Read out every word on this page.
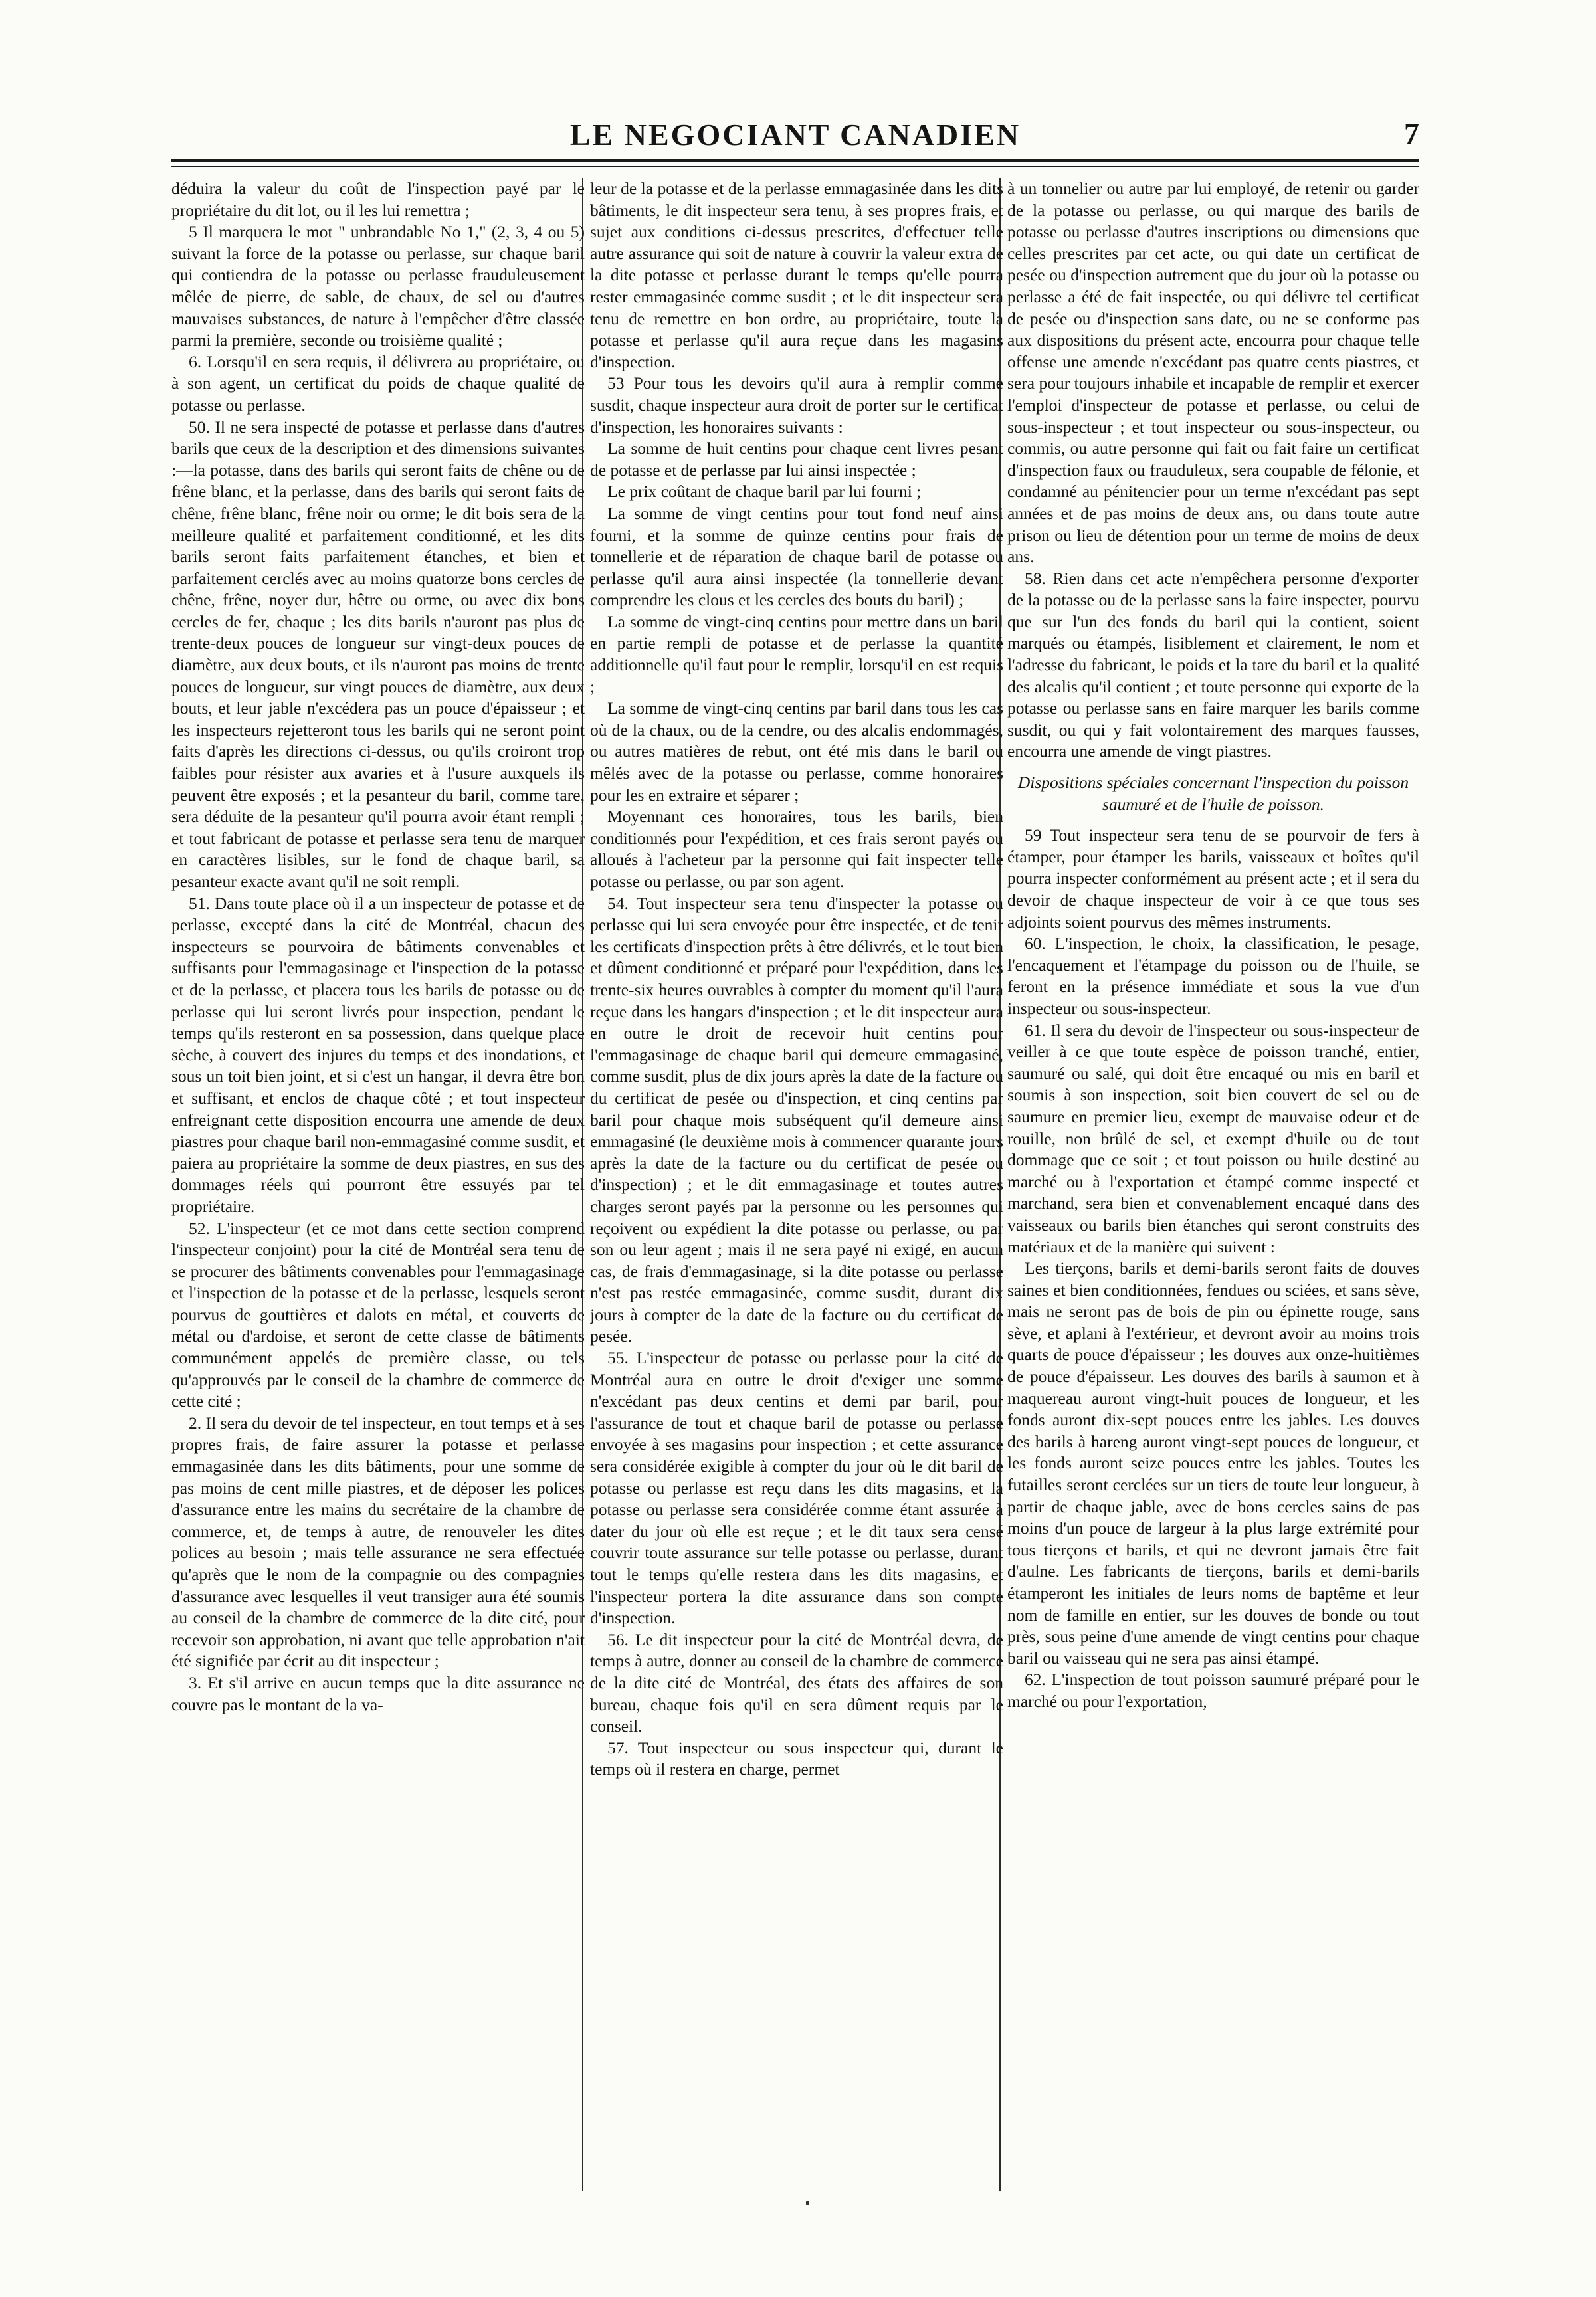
LE NEGOCIANT CANADIEN	7

déduira la valeur du coût de l'inspection payé par le propriétaire du dit lot, ou il les lui remettra ;

5 Il marquera le mot " unbrandable No 1," (2, 3, 4 ou 5) suivant la force de la potasse ou perlasse, sur chaque baril qui contiendra de la potasse ou perlasse frauduleusement mêlée de pierre, de sable, de chaux, de sel ou d'autres mauvaises substances, de nature à l'empêcher d'être classée parmi la première, seconde ou troisième qualité ;

6. Lorsqu'il en sera requis, il délivrera au propriétaire, ou à son agent, un certificat du poids de chaque qualité de potasse ou perlasse.

50. Il ne sera inspecté de potasse et perlasse dans d'autres barils que ceux de la description et des dimensions suivantes :—la potasse, dans des barils qui seront faits de chêne ou de frêne blanc, et la perlasse, dans des barils qui seront faits de chêne, frêne blanc, frêne noir ou orme; le dit bois sera de la meilleure qualité et parfaitement conditionné, et les dits barils seront faits parfaitement étanches, et bien et parfaitement cerclés avec au moins quatorze bons cercles de chêne, frêne, noyer dur, hêtre ou orme, ou avec dix bons cercles de fer, chaque ; les dits barils n'auront pas plus de trente-deux pouces de longueur sur vingt-deux pouces de diamètre, aux deux bouts, et ils n'auront pas moins de trente pouces de longueur, sur vingt pouces de diamètre, aux deux bouts, et leur jable n'excédera pas un pouce d'épaisseur ; et les inspecteurs rejetteront tous les barils qui ne seront point faits d'après les directions ci-dessus, ou qu'ils croiront trop faibles pour résister aux avaries et à l'usure auxquels ils peuvent être exposés ; et la pesanteur du baril, comme tare, sera déduite de la pesanteur qu'il pourra avoir étant rempli ; et tout fabricant de potasse et perlasse sera tenu de marquer en caractères lisibles, sur le fond de chaque baril, sa pesanteur exacte avant qu'il ne soit rempli.

51. Dans toute place où il a un inspecteur de potasse et de perlasse, excepté dans la cité de Montréal, chacun des inspecteurs se pourvoira de bâtiments convenables et suffisants pour l'emmagasinage et l'inspection de la potasse et de la perlasse, et placera tous les barils de potasse ou de perlasse qui lui seront livrés pour inspection, pendant le temps qu'ils resteront en sa possession, dans quelque place sèche, à couvert des injures du temps et des inondations, et sous un toit bien joint, et si c'est un hangar, il devra être bon et suffisant, et enclos de chaque côté ; et tout inspecteur enfreignant cette disposition encourra une amende de deux piastres pour chaque baril non-emmagasiné comme susdit, et paiera au propriétaire la somme de deux piastres, en sus des dommages réels qui pourront être essuyés par tel propriétaire.

52. L'inspecteur (et ce mot dans cette section comprend l'inspecteur conjoint) pour la cité de Montréal sera tenu de se procurer des bâtiments convenables pour l'emmagasinage et l'inspection de la potasse et de la perlasse, lesquels seront pourvus de gouttières et dalots en métal, et couverts de métal ou d'ardoise, et seront de cette classe de bâtiments communément appelés de première classe, ou tels qu'approuvés par le conseil de la chambre de commerce de cette cité ;

2. Il sera du devoir de tel inspecteur, en tout temps et à ses propres frais, de faire assurer la potasse et perlasse emmagasinée dans les dits bâtiments, pour une somme de pas moins de cent mille piastres, et de déposer les polices d'assurance entre les mains du secrétaire de la chambre de commerce, et, de temps à autre, de renouveler les dites polices au besoin ; mais telle assurance ne sera effectuée qu'après que le nom de la compagnie ou des compagnies d'assurance avec lesquelles il veut transiger aura été soumis au conseil de la chambre de commerce de la dite cité, pour recevoir son approbation, ni avant que telle approbation n'ait été signifiée par écrit au dit inspecteur ;

3. Et s'il arrive en aucun temps que la dite assurance ne couvre pas le montant de la va-

leur de la potasse et de la perlasse emmagasinée dans les dits bâtiments, le dit inspecteur sera tenu, à ses propres frais, et sujet aux conditions ci-dessus prescrites, d'effectuer telle autre assurance qui soit de nature à couvrir la valeur extra de la dite potasse et perlasse durant le temps qu'elle pourra rester emmagasinée comme susdit ; et le dit inspecteur sera tenu de remettre en bon ordre, au propriétaire, toute la potasse et perlasse qu'il aura reçue dans les magasins d'inspection.

53 Pour tous les devoirs qu'il aura à remplir comme susdit, chaque inspecteur aura droit de porter sur le certificat d'inspection, les honoraires suivants :

La somme de huit centins pour chaque cent livres pesant de potasse et de perlasse par lui ainsi inspectée ;

Le prix coûtant de chaque baril par lui fourni ;

La somme de vingt centins pour tout fond neuf ainsi fourni, et la somme de quinze centins pour frais de tonnellerie et de réparation de chaque baril de potasse ou perlasse qu'il aura ainsi inspectée (la tonnellerie devant comprendre les clous et les cercles des bouts du baril) ;

La somme de vingt-cinq centins pour mettre dans un baril en partie rempli de potasse et de perlasse la quantité additionnelle qu'il faut pour le remplir, lorsqu'il en est requis ;

La somme de vingt-cinq centins par baril dans tous les cas où de la chaux, ou de la cendre, ou des alcalis endommagés, ou autres matières de rebut, ont été mis dans le baril ou mêlés avec de la potasse ou perlasse, comme honoraires pour les en extraire et séparer ;

Moyennant ces honoraires, tous les barils, bien conditionnés pour l'expédition, et ces frais seront payés ou alloués à l'acheteur par la personne qui fait inspecter telle potasse ou perlasse, ou par son agent.

54. Tout inspecteur sera tenu d'inspecter la potasse ou perlasse qui lui sera envoyée pour être inspectée, et de tenir les certificats d'inspection prêts à être délivrés, et le tout bien et dûment conditionné et préparé pour l'expédition, dans les trente-six heures ouvrables à compter du moment qu'il l'aura reçue dans les hangars d'inspection ; et le dit inspecteur aura en outre le droit de recevoir huit centins pour l'emmagasinage de chaque baril qui demeure emmagasiné, comme susdit, plus de dix jours après la date de la facture ou du certificat de pesée ou d'inspection, et cinq centins par baril pour chaque mois subséquent qu'il demeure ainsi emmagasiné (le deuxième mois à commencer quarante jours après la date de la facture ou du certificat de pesée ou d'inspection) ; et le dit emmagasinage et toutes autres charges seront payés par la personne ou les personnes qui reçoivent ou expédient la dite potasse ou perlasse, ou par son ou leur agent ; mais il ne sera payé ni exigé, en aucun cas, de frais d'emmagasinage, si la dite potasse ou perlasse n'est pas restée emmagasinée, comme susdit, durant dix jours à compter de la date de la facture ou du certificat de pesée.

55. L'inspecteur de potasse ou perlasse pour la cité de Montréal aura en outre le droit d'exiger une somme n'excédant pas deux centins et demi par baril, pour l'assurance de tout et chaque baril de potasse ou perlasse envoyée à ses magasins pour inspection ; et cette assurance sera considérée exigible à compter du jour où le dit baril de potasse ou perlasse est reçu dans les dits magasins, et la potasse ou perlasse sera considérée comme étant assurée à dater du jour où elle est reçue ; et le dit taux sera censé couvrir toute assurance sur telle potasse ou perlasse, durant tout le temps qu'elle restera dans les dits magasins, et l'inspecteur portera la dite assurance dans son compte d'inspection.

56. Le dit inspecteur pour la cité de Montréal devra, de temps à autre, donner au conseil de la chambre de commerce de la dite cité de Montréal, des états des affaires de son bureau, chaque fois qu'il en sera dûment requis par le conseil.

57. Tout inspecteur ou sous inspecteur qui, durant le temps où il restera en charge, permet

à un tonnelier ou autre par lui employé, de retenir ou garder de la potasse ou perlasse, ou qui marque des barils de potasse ou perlasse d'autres inscriptions ou dimensions que celles prescrites par cet acte, ou qui date un certificat de pesée ou d'inspection autrement que du jour où la potasse ou perlasse a été de fait inspectée, ou qui délivre tel certificat de pesée ou d'inspection sans date, ou ne se conforme pas aux dispositions du présent acte, encourra pour chaque telle offense une amende n'excédant pas quatre cents piastres, et sera pour toujours inhabile et incapable de remplir et exercer l'emploi d'inspecteur de potasse et perlasse, ou celui de sous-inspecteur ; et tout inspecteur ou sous-inspecteur, ou commis, ou autre personne qui fait ou fait faire un certificat d'inspection faux ou frauduleux, sera coupable de félonie, et condamné au pénitencier pour un terme n'excédant pas sept années et de pas moins de deux ans, ou dans toute autre prison ou lieu de détention pour un terme de moins de deux ans.

58. Rien dans cet acte n'empêchera personne d'exporter de la potasse ou de la perlasse sans la faire inspecter, pourvu que sur l'un des fonds du baril qui la contient, soient marqués ou étampés, lisiblement et clairement, le nom et l'adresse du fabricant, le poids et la tare du baril et la qualité des alcalis qu'il contient ; et toute personne qui exporte de la potasse ou perlasse sans en faire marquer les barils comme susdit, ou qui y fait volontairement des marques fausses, encourra une amende de vingt piastres.

Dispositions spéciales concernant l'inspection du poisson saumuré et de l'huile de poisson.

59 Tout inspecteur sera tenu de se pourvoir de fers à étamper, pour étamper les barils, vaisseaux et boîtes qu'il pourra inspecter conformément au présent acte ; et il sera du devoir de chaque inspecteur de voir à ce que tous ses adjoints soient pourvus des mêmes instruments.

60. L'inspection, le choix, la classification, le pesage, l'encaquement et l'étampage du poisson ou de l'huile, se feront en la présence immédiate et sous la vue d'un inspecteur ou sous-inspecteur.

61. Il sera du devoir de l'inspecteur ou sous-inspecteur de veiller à ce que toute espèce de poisson tranché, entier, saumuré ou salé, qui doit être encaqué ou mis en baril et soumis à son inspection, soit bien couvert de sel ou de saumure en premier lieu, exempt de mauvaise odeur et de rouille, non brûlé de sel, et exempt d'huile ou de tout dommage que ce soit ; et tout poisson ou huile destiné au marché ou à l'exportation et étampé comme inspecté et marchand, sera bien et convenablement encaqué dans des vaisseaux ou barils bien étanches qui seront construits des matériaux et de la manière qui suivent :

Les tierçons, barils et demi-barils seront faits de douves saines et bien conditionnées, fendues ou sciées, et sans sève, mais ne seront pas de bois de pin ou épinette rouge, sans sève, et aplani à l'extérieur, et devront avoir au moins trois quarts de pouce d'épaisseur ; les douves aux onze-huitièmes de pouce d'épaisseur. Les douves des barils à saumon et à maquereau auront vingt-huit pouces de longueur, et les fonds auront dix-sept pouces entre les jables. Les douves des barils à hareng auront vingt-sept pouces de longueur, et les fonds auront seize pouces entre les jables. Toutes les futailles seront cerclées sur un tiers de toute leur longueur, à partir de chaque jable, avec de bons cercles sains de pas moins d'un pouce de largeur à la plus large extrémité pour tous tierçons et barils, et qui ne devront jamais être fait d'aulne. Les fabricants de tierçons, barils et demi-barils étamperont les initiales de leurs noms de baptême et leur nom de famille en entier, sur les douves de bonde ou tout près, sous peine d'une amende de vingt centins pour chaque baril ou vaisseau qui ne sera pas ainsi étampé.

62. L'inspection de tout poisson saumuré préparé pour le marché ou pour l'exportation,
